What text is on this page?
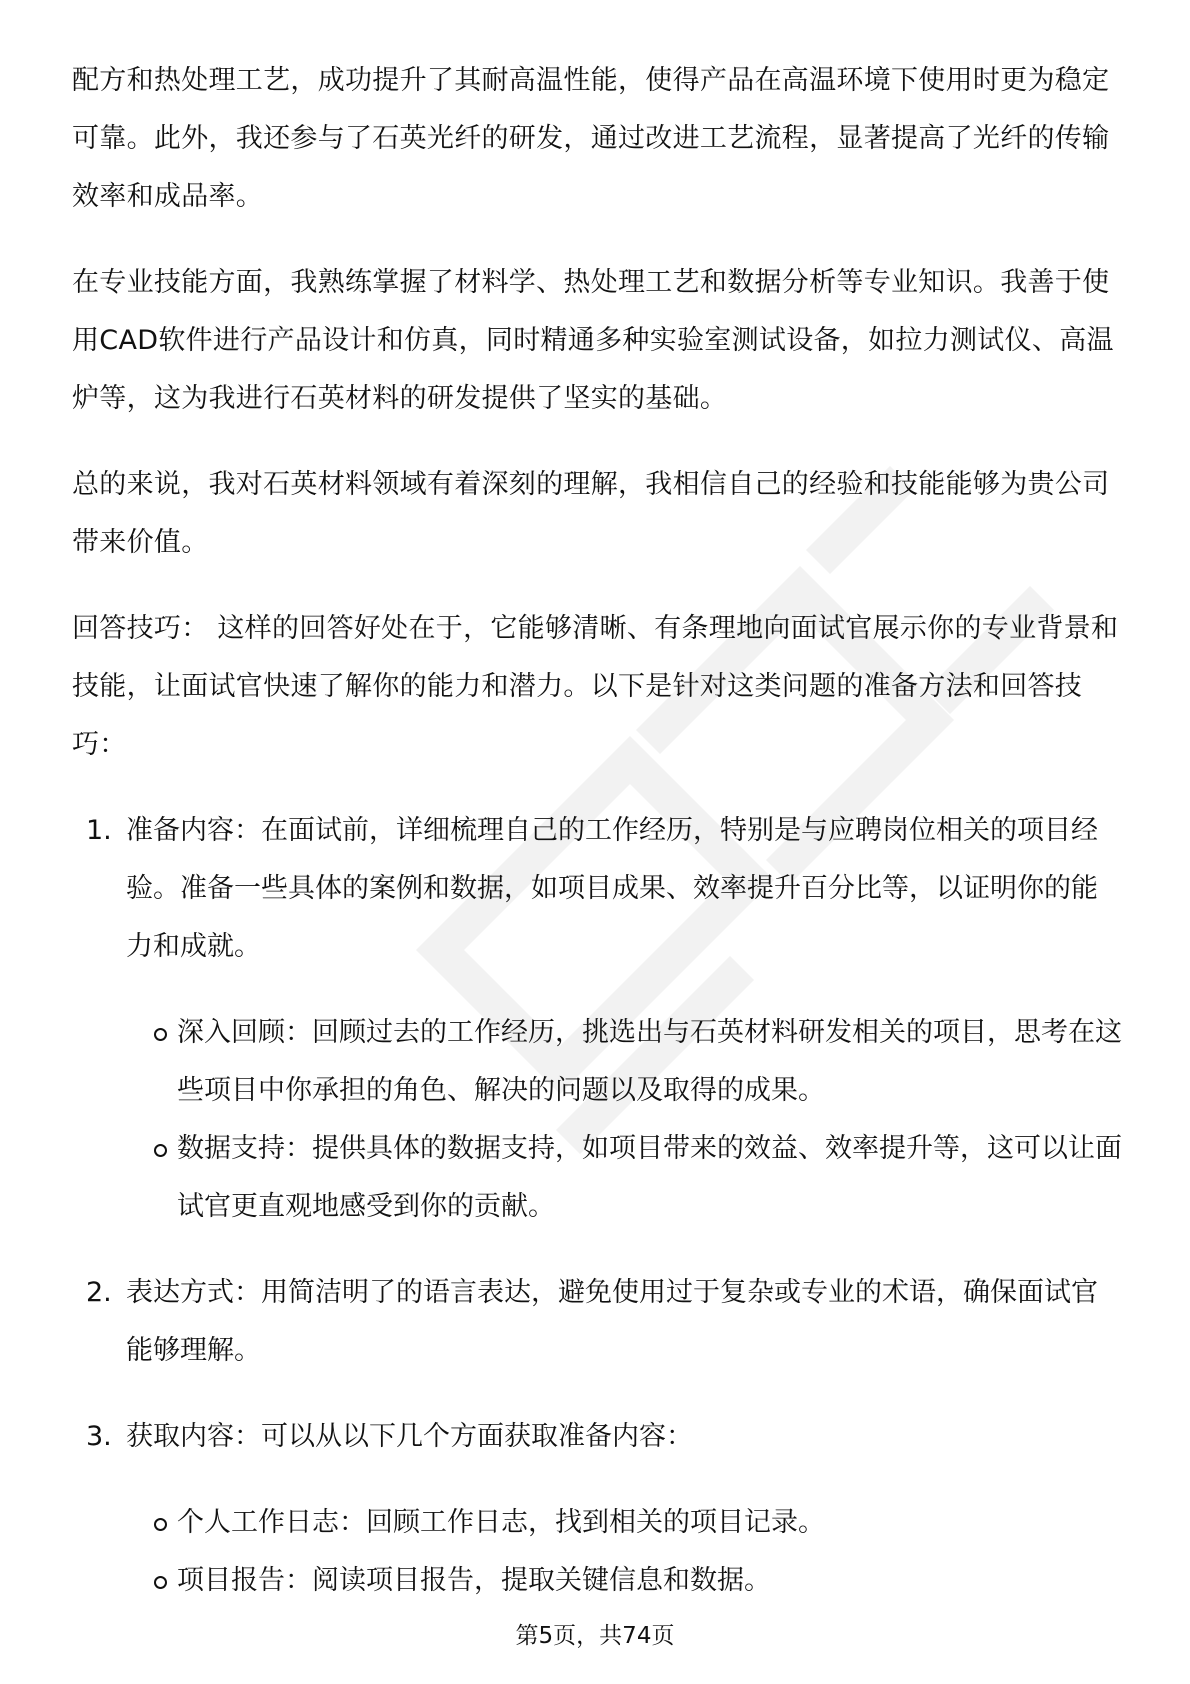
配方和热处理工艺，成功提升了其耐高温性能，使得产品在高温环境下使用时更为稳定可靠。此外，我还参与了石英光纤的研发，通过改进工艺流程，显著提高了光纤的传输效率和成品率。

在专业技能方面，我熟练掌握了材料学、热处理工艺和数据分析等专业知识。我善于使用CAD软件进行产品设计和仿真，同时精通多种实验室测试设备，如拉力测试仪、高温炉等，这为我进行石英材料的研发提供了坚实的基础。

总的来说，我对石英材料领域有着深刻的理解，我相信自己的经验和技能能够为贵公司带来价值。

回答技巧： 这样的回答好处在于，它能够清晰、有条理地向面试官展示你的专业背景和技能，让面试官快速了解你的能力和潜力。以下是针对这类问题的准备方法和回答技巧：

1. 准备内容：在面试前，详细梳理自己的工作经历，特别是与应聘岗位相关的项目经验。准备一些具体的案例和数据，如项目成果、效率提升百分比等，以证明你的能力和成就。
深入回顾：回顾过去的工作经历，挑选出与石英材料研发相关的项目，思考在这些项目中你承担的角色、解决的问题以及取得的成果。
数据支持：提供具体的数据支持，如项目带来的效益、效率提升等，这可以让面试官更直观地感受到你的贡献。
2. 表达方式：用简洁明了的语言表达，避免使用过于复杂或专业的术语，确保面试官能够理解。
3. 获取内容：可以从以下几个方面获取准备内容：
个人工作日志：回顾工作日志，找到相关的项目记录。
项目报告：阅读项目报告，提取关键信息和数据。
第5页，共74页
